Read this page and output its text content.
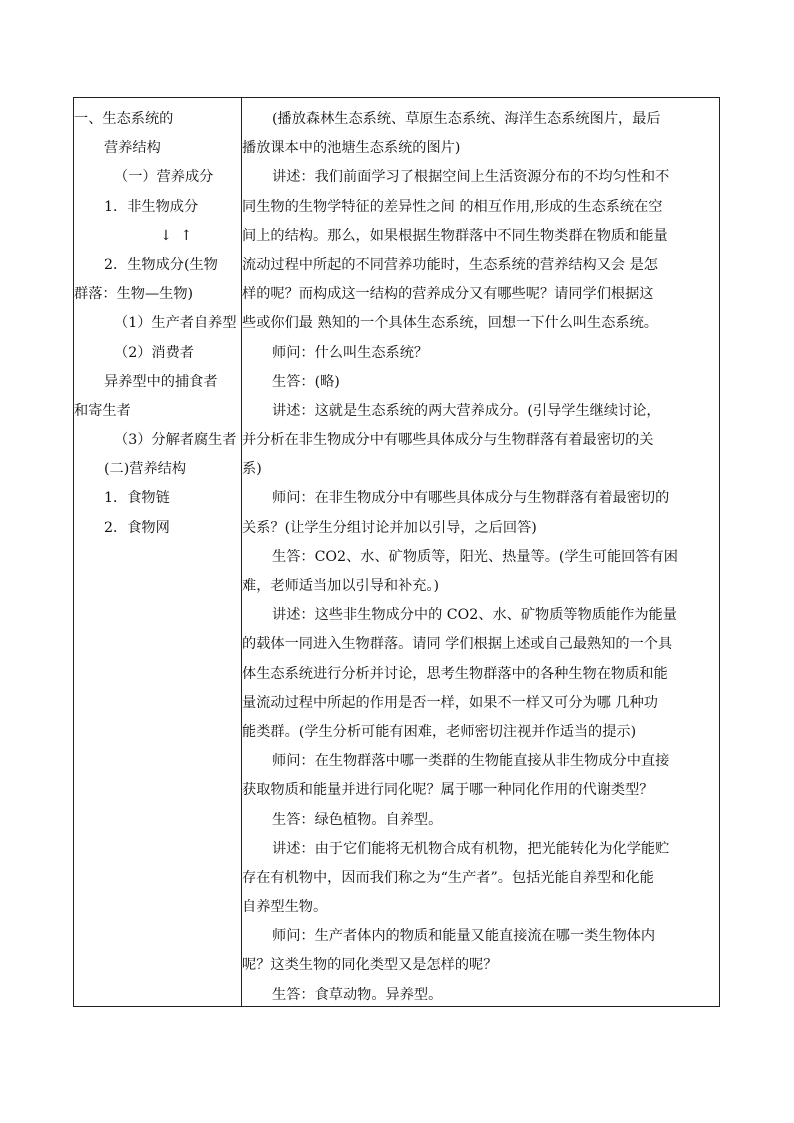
一、生态系统的
营养结构
（一）营养成分
1．非生物成分
↓ ↑
2．生物成分(生物
群落：生物—生物)
（1）生产者自养型
（2）消费者
异养型中的捕食者
和寄生者
（3）分解者腐生者
(二)营养结构
1．食物链
2．食物网
(播放森林生态系统、草原生态系统、海洋生态系统图片，最后
播放课本中的池塘生态系统的图片)
讲述：我们前面学习了根据空间上生活资源分布的不均匀性和不
同生物的生物学特征的差异性之间 的相互作用,形成的生态系统在空
间上的结构。那么，如果根据生物群落中不同生物类群在物质和能量
流动过程中所起的不同营养功能时，生态系统的营养结构又会 是怎
样的呢？而构成这一结构的营养成分又有哪些呢？请同学们根据这
些或你们最 熟知的一个具体生态系统，回想一下什么叫生态系统。
师问：什么叫生态系统？
生答：(略)
讲述：这就是生态系统的两大营养成分。(引导学生继续讨论，
并分析在非生物成分中有哪些具体成分与生物群落有着最密切的关
系)
师问：在非生物成分中有哪些具体成分与生物群落有着最密切的
关系？(让学生分组讨论并加以引导，之后回答)
生答：CO2、水、矿物质等，阳光、热量等。(学生可能回答有困
难，老师适当加以引导和补充。)
讲述：这些非生物成分中的 CO2、水、矿物质等物质能作为能量
的载体一同进入生物群落。请同 学们根据上述或自己最熟知的一个具
体生态系统进行分析并讨论，思考生物群落中的各种生物在物质和能
量流动过程中所起的作用是否一样，如果不一样又可分为哪 几种功
能类群。(学生分析可能有困难，老师密切注视并作适当的提示)
师问：在生物群落中哪一类群的生物能直接从非生物成分中直接
获取物质和能量并进行同化呢？属于哪一种同化作用的代谢类型？
生答：绿色植物。自养型。
讲述：由于它们能将无机物合成有机物，把光能转化为化学能贮
存在有机物中，因而我们称之为“生产者”。包括光能自养型和化能
自养型生物。
师问：生产者体内的物质和能量又能直接流在哪一类生物体内
呢？这类生物的同化类型又是怎样的呢？
生答：食草动物。异养型。
